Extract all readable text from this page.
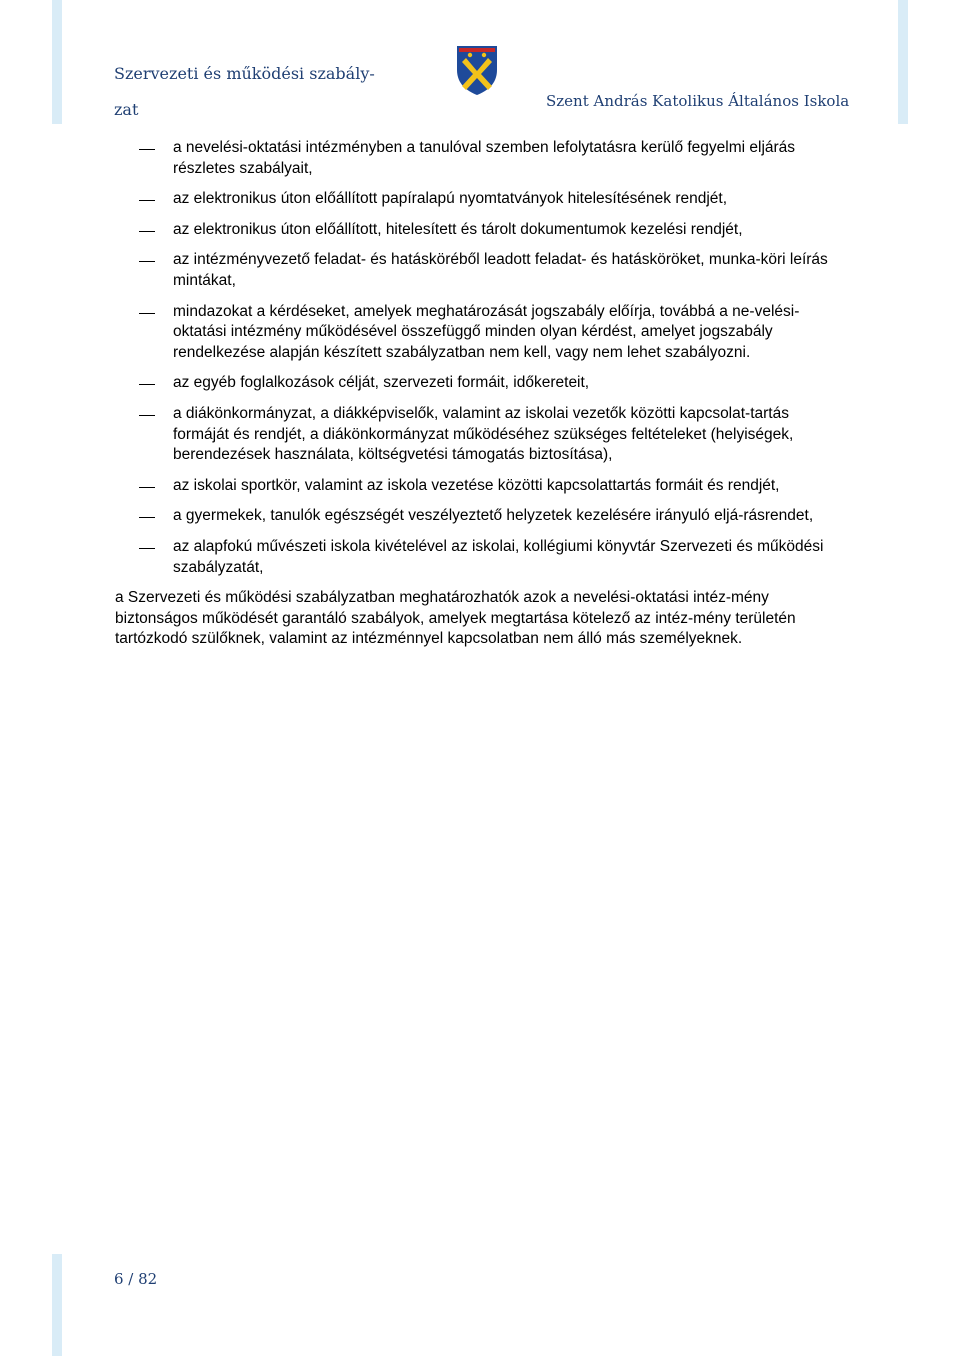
Szervezeti és működési szabály-
zat	Szent András Katolikus Általános Iskola
a nevelési-oktatási intézményben a tanulóval szemben lefolytatásra kerülő fegyelmi eljárás részletes szabályait,
az elektronikus úton előállított papíralapú nyomtatványok hitelesítésének rendjét,
az elektronikus úton előállított, hitelesített és tárolt dokumentumok kezelési rendjét,
az intézményvezető feladat- és hatásköréből leadott feladat- és hatásköröket, munka-köri leírás mintákat,
mindazokat a kérdéseket, amelyek meghatározását jogszabály előírja, továbbá a ne-velési-oktatási intézmény működésével összefüggő minden olyan kérdést, amelyet jogszabály rendelkezése alapján készített szabályzatban nem kell, vagy nem lehet szabályozni.
az egyéb foglalkozások célját, szervezeti formáit, időkereteit,
a diákönkormányzat, a diákképviselők, valamint az iskolai vezetők közötti kapcsolat-tartás formáját és rendjét, a diákönkormányzat működéséhez szükséges feltételeket (helyiségek, berendezések használata, költségvetési támogatás biztosítása),
az iskolai sportkör, valamint az iskola vezetése közötti kapcsolattartás formáit és rendjét,
a gyermekek, tanulók egészségét veszélyeztető helyzetek kezelésére irányuló eljá-rásrendet,
az alapfokú művészeti iskola kivételével az iskolai, kollégiumi könyvtár Szervezeti és működési szabályzatát,

a Szervezeti és működési szabályzatban meghatározhatók azok a nevelési-oktatási intéz-mény biztonságos működését garantáló szabályok, amelyek megtartása kötelező az intéz-mény területén tartózkodó szülőknek, valamint az intézménnyel kapcsolatban nem álló más személyeknek.

6 / 82
